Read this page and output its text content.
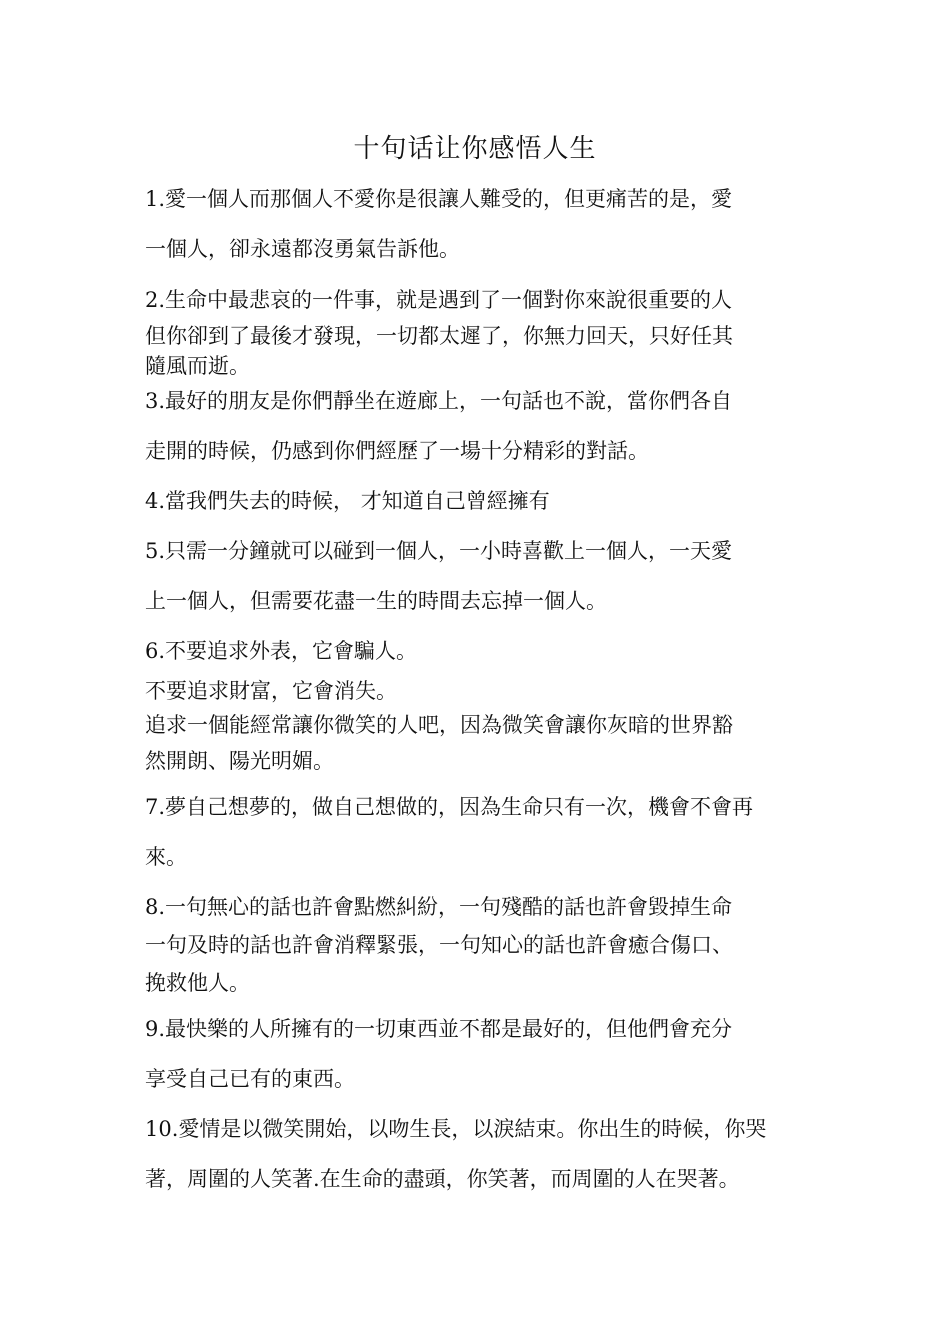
十句话让你感悟人生
1.愛一個人而那個人不愛你是很讓人難受的，但更痛苦的是，愛
一個人，卻永遠都沒勇氣告訴他。
2.生命中最悲哀的一件事，就是遇到了一個對你來說很重要的人
但你卻到了最後才發現，一切都太遲了，你無力回天，只好任其
隨風而逝。
3.最好的朋友是你們靜坐在遊廊上，一句話也不說，當你們各自
走開的時候，仍感到你們經歷了一場十分精彩的對話。
4.當我們失去的時候， 才知道自己曾經擁有
5.只需一分鐘就可以碰到一個人，一小時喜歡上一個人，一天愛
上一個人，但需要花盡一生的時間去忘掉一個人。
6.不要追求外表，它會騙人。
不要追求財富，它會消失。
追求一個能經常讓你微笑的人吧，因為微笑會讓你灰暗的世界豁
然開朗、陽光明媚。
7.夢自己想夢的，做自己想做的，因為生命只有一次，機會不會再
來。
8.一句無心的話也許會點燃糾紛，一句殘酷的話也許會毀掉生命
一句及時的話也許會消釋緊張，一句知心的話也許會癒合傷口、
挽救他人。
9.最快樂的人所擁有的一切東西並不都是最好的，但他們會充分
享受自己已有的東西。
10.愛情是以微笑開始，以吻生長，以淚結束。你出生的時候，你哭
著，周圍的人笑著.在生命的盡頭，你笑著，而周圍的人在哭著。
